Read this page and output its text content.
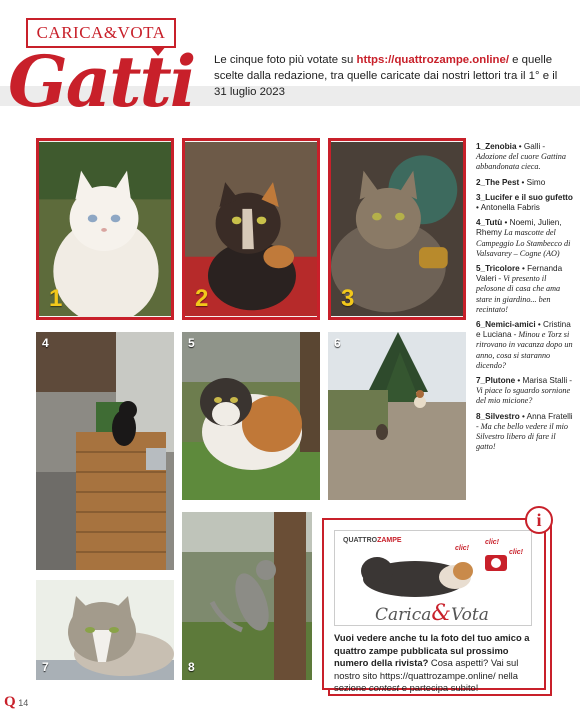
CARICA&VOTA
Gatti Le cinque foto più votate su https://quattrozampe.online/ e quelle scelte dalla redazione, tra quelle caricate dai nostri lettori tra il 1° e il 31 luglio 2023

1	2	3
4	5	6
7	8

1_Zenobia • Galli - Adozione del cuore Gattina abbandonata cieca.

2_The Pest • Simo

3_Lucifer e il suo gufetto • Antonella Fabris

4_Tutù • Noemi, Julien, Rhemy La mascotte del Campeggio Lo Stambecco di Valsavarey – Cogne (AO)

5_Tricolore • Fernanda Valeri - Vi presento il pelosone di casa che ama stare in giardino... ben recintato!

6_Nemici-amici • Cristina e Luciana - Minou e Torz si ritrovano in vacanza dopo un anno, cosa si staranno dicendo?

7_Plutone • Marisa Stalli - Vi piace lo sguardo sornione del mio micione?

8_Silvestro • Anna Fratelli - Ma che bello vedere il mio Silvestro libero di fare il gatto!

QUATTROZAMPE
clic!
clic!
clic!
Carica&Vota

Vuoi vedere anche tu la foto del tuo amico a quattro zampe pubblicata sul prossimo numero della rivista? Cosa aspetti? Vai sul nostro sito https://quattrozampe.online/ nella sezione contest e partecipa subito!

i
Q 14
